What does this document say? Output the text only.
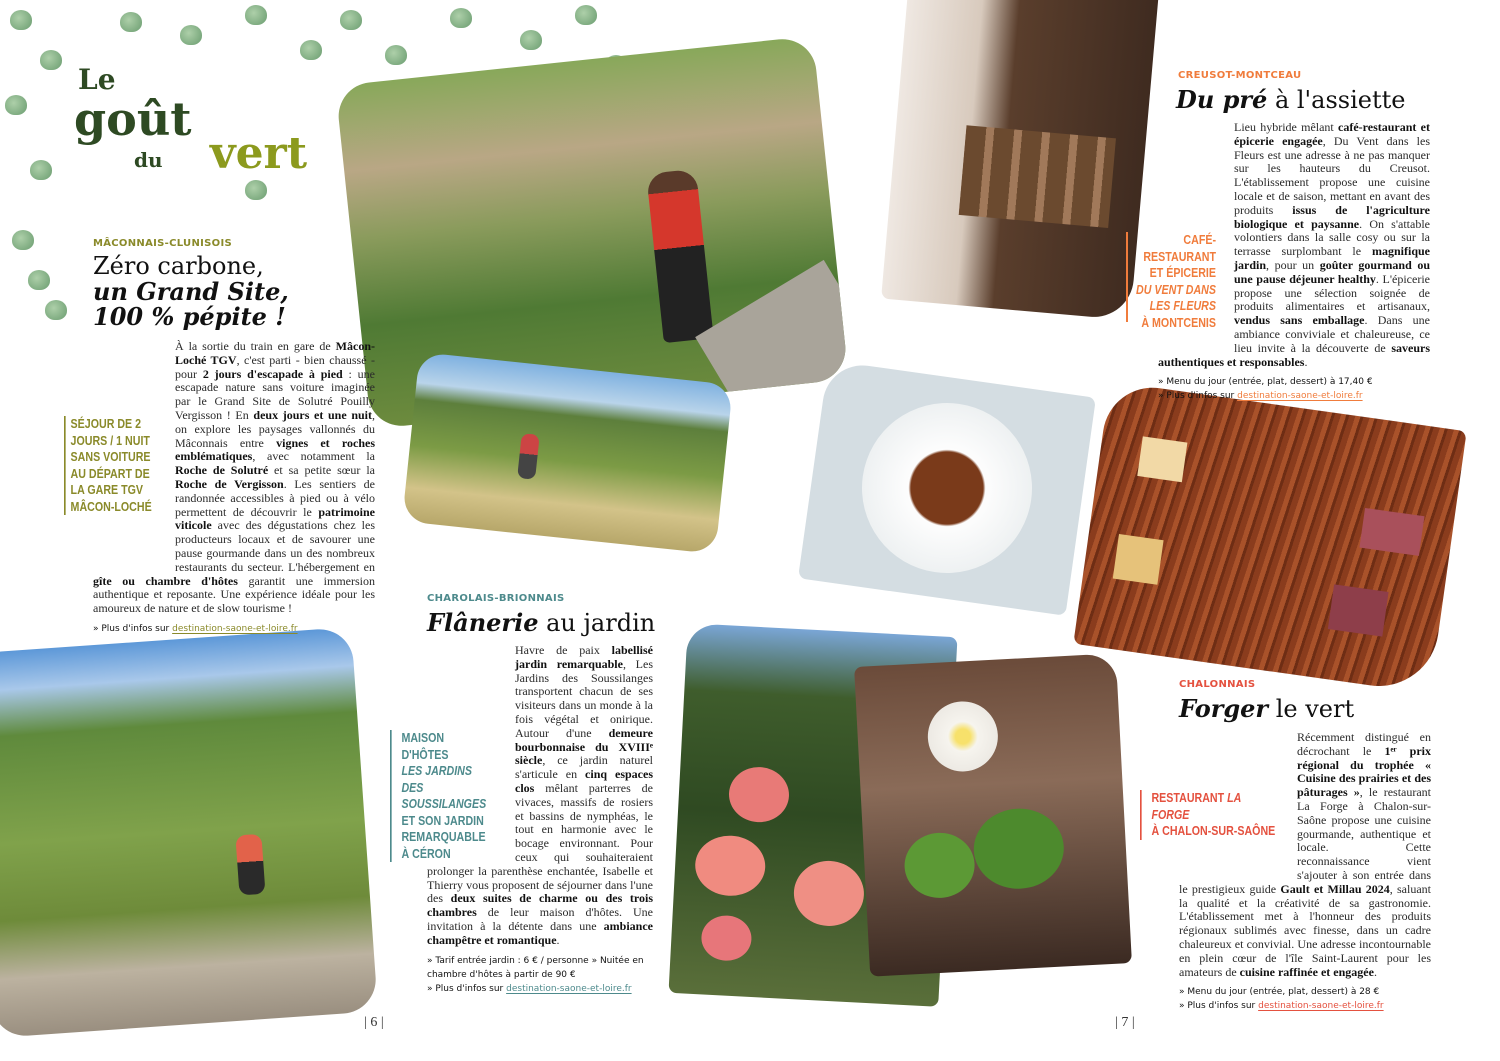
Le
goût
du vert
MÂCONNAIS-CLUNISOIS
Zéro carbone,
un Grand Site,
100 % pépite !
SÉJOUR DE 2 JOURS / 1 NUIT SANS VOITURE AU DÉPART DE LA GARE TGV MÂCON-LOCHÉ
À la sortie du train en gare de Mâcon-Loché TGV, c'est parti - bien chaussé - pour 2 jours d'escapade à pied : une escapade nature sans voiture imaginée par le Grand Site de Solutré Pouilly Vergisson ! En deux jours et une nuit, on explore les paysages vallonnés du Mâconnais entre vignes et roches emblématiques, avec notamment la Roche de Solutré et sa petite sœur la Roche de Vergisson. Les sentiers de randonnée accessibles à pied ou à vélo permettent de découvrir le patrimoine viticole avec des dégustations chez les producteurs locaux et de savourer une pause gourmande dans un des nombreux restaurants du secteur. L'hébergement en gîte ou chambre d'hôtes garantit une immersion authentique et reposante. Une expérience idéale pour les amoureux de nature et de slow tourisme !
» Plus d'infos sur destination-saone-et-loire.fr
CHAROLAIS-BRIONNAIS
Flânerie au jardin
MAISON D'HÔTES
LES JARDINS DES SOUSSILANGES
ET SON JARDIN REMARQUABLE À CÉRON
Havre de paix labellisé jardin remarquable, Les Jardins des Soussilanges transportent chacun de ses visiteurs dans un monde à la fois végétal et onirique. Autour d'une demeure bourbonnaise du XVIIIᵉ siècle, ce jardin naturel s'articule en cinq espaces clos mêlant parterres de vivaces, massifs de rosiers et bassins de nymphéas, le tout en harmonie avec le bocage environnant. Pour ceux qui souhaiteraient prolonger la parenthèse enchantée, Isabelle et Thierry vous proposent de séjourner dans l'une des deux suites de charme ou des trois chambres de leur maison d'hôtes. Une invitation à la détente dans une ambiance champêtre et romantique.
» Tarif entrée jardin : 6 € / personne » Nuitée en chambre d'hôtes à partir de 90 €
» Plus d'infos sur destination-saone-et-loire.fr
CREUSOT-MONTCEAU
Du pré à l'assiette
CAFÉ-RESTAURANT ET ÉPICERIE
DU VENT DANS LES FLEURS
À MONTCENIS
Lieu hybride mêlant café-restaurant et épicerie engagée, Du Vent dans les Fleurs est une adresse à ne pas manquer sur les hauteurs du Creusot. L'établissement propose une cuisine locale et de saison, mettant en avant des produits issus de l'agriculture biologique et paysanne. On s'attable volontiers dans la salle cosy ou sur la terrasse surplombant le magnifique jardin, pour un goûter gourmand ou une pause déjeuner healthy. L'épicerie propose une sélection soignée de produits alimentaires et artisanaux, vendus sans emballage. Dans une ambiance conviviale et chaleureuse, ce lieu invite à la découverte de saveurs authentiques et responsables.
» Menu du jour (entrée, plat, dessert) à 17,40 €
» Plus d'infos sur destination-saone-et-loire.fr
CHALONNAIS
Forger le vert
RESTAURANT LA FORGE
À CHALON-SUR-SAÔNE
Récemment distingué en décrochant le 1ᵉʳ prix régional du trophée « Cuisine des prairies et des pâturages », le restaurant La Forge à Chalon-sur-Saône propose une cuisine gourmande, authentique et locale. Cette reconnaissance vient s'ajouter à son entrée dans le prestigieux guide Gault et Millau 2024, saluant la qualité et la créativité de sa gastronomie. L'établissement met à l'honneur des produits régionaux sublimés avec finesse, dans un cadre chaleureux et convivial. Une adresse incontournable en plein cœur de l'île Saint-Laurent pour les amateurs de cuisine raffinée et engagée.
» Menu du jour (entrée, plat, dessert) à 28 €
» Plus d'infos sur destination-saone-et-loire.fr
| 6 |	| 7 |
